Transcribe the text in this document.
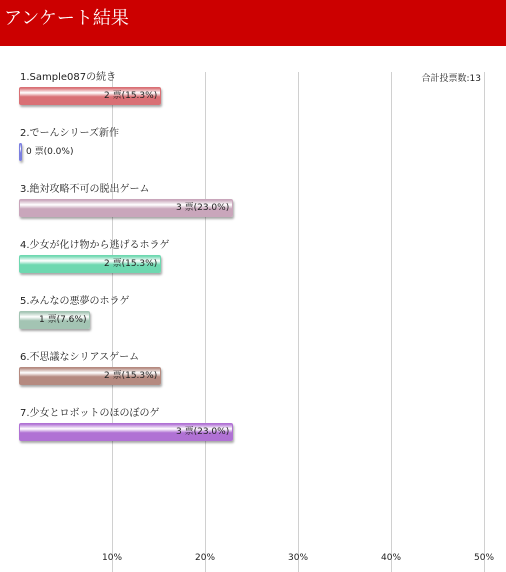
アンケート結果
合計投票数:13
10%	20%	30%	40%	50%
1.Sample087の続き
2 票(15.3%)
2.でーんシリーズ新作
0 票(0.0%)
3.絶対攻略不可の脱出ゲーム
3 票(23.0%)
4.少女が化け物から逃げるホラゲ
2 票(15.3%)
5.みんなの悪夢のホラゲ
1 票(7.6%)
6.不思議なシリアスゲーム
2 票(15.3%)
7.少女とロボットのほのぼのゲ
3 票(23.0%)
